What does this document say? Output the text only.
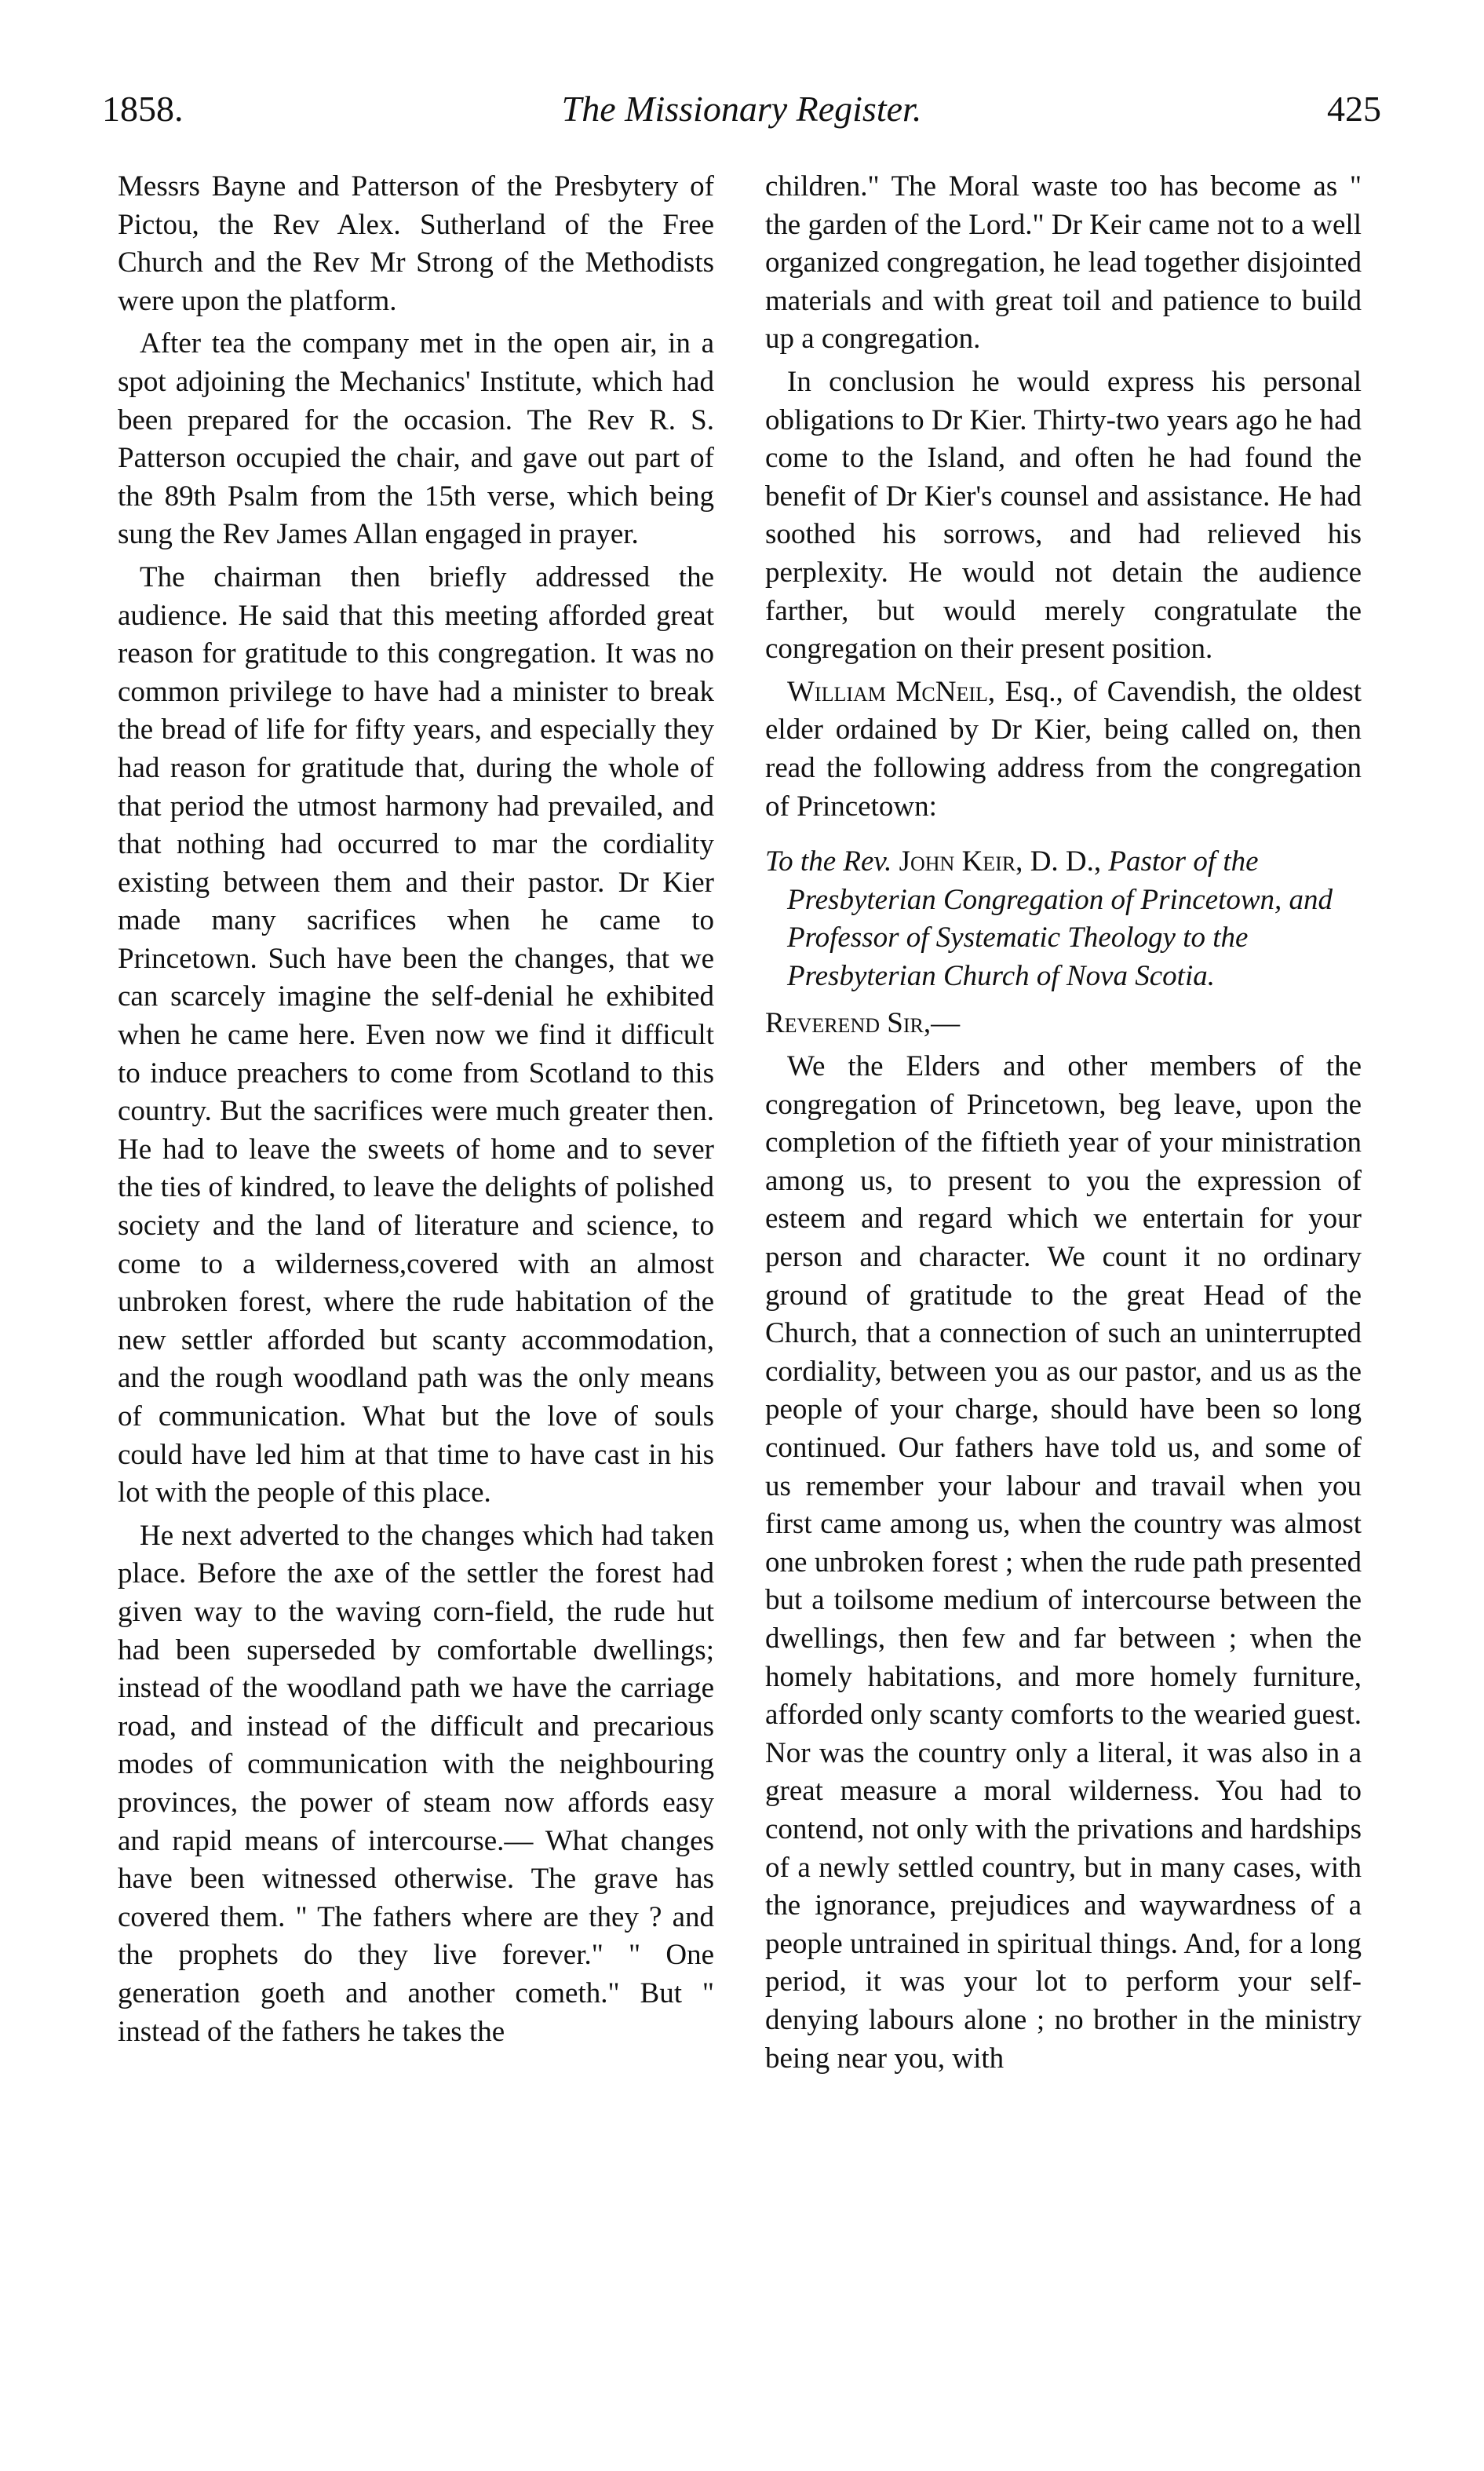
1858.	The Missionary Register.	425

Messrs Bayne and Patterson of the Presbytery of Pictou, the Rev Alex. Sutherland of the Free Church and the Rev Mr Strong of the Methodists were upon the platform.

After tea the company met in the open air, in a spot adjoining the Mechanics' Institute, which had been prepared for the occasion. The Rev R. S. Patterson occupied the chair, and gave out part of the 89th Psalm from the 15th verse, which being sung the Rev James Allan engaged in prayer.

The chairman then briefly addressed the audience. He said that this meeting afforded great reason for gratitude to this congregation. It was no common privilege to have had a minister to break the bread of life for fifty years, and especially they had reason for gratitude that, during the whole of that period the utmost harmony had prevailed, and that nothing had occurred to mar the cordiality existing between them and their pastor. Dr Kier made many sacrifices when he came to Princetown. Such have been the changes, that we can scarcely imagine the self-denial he exhibited when he came here. Even now we find it difficult to induce preachers to come from Scotland to this country. But the sacrifices were much greater then. He had to leave the sweets of home and to sever the ties of kindred, to leave the delights of polished society and the land of literature and science, to come to a wilderness,covered with an almost unbroken forest, where the rude habitation of the new settler afforded but scanty accommodation, and the rough woodland path was the only means of communication. What but the love of souls could have led him at that time to have cast in his lot with the people of this place.

He next adverted to the changes which had taken place. Before the axe of the settler the forest had given way to the waving corn-field, the rude hut had been superseded by comfortable dwellings; instead of the woodland path we have the carriage road, and instead of the difficult and precarious modes of communication with the neighbouring provinces, the power of steam now affords easy and rapid means of intercourse.— What changes have been witnessed otherwise. The grave has covered them. " The fathers where are they ? and the prophets do they live forever." " One generation goeth and another cometh." But " instead of the fathers he takes the

children." The Moral waste too has become as " the garden of the Lord." Dr Keir came not to a well organized congregation, he lead together disjointed materials and with great toil and patience to build up a congregation.

In conclusion he would express his personal obligations to Dr Kier. Thirty-two years ago he had come to the Island, and often he had found the benefit of Dr Kier's counsel and assistance. He had soothed his sorrows, and had relieved his perplexity. He would not detain the audience farther, but would merely congratulate the congregation on their present position.

William McNeil, Esq., of Cavendish, the oldest elder ordained by Dr Kier, being called on, then read the following address from the congregation of Princetown:

To the Rev. John Keir, D. D., Pastor of the Presbyterian Congregation of Princetown, and Professor of Systematic Theology to the Presbyterian Church of Nova Scotia.

Reverend Sir,—

We the Elders and other members of the congregation of Princetown, beg leave, upon the completion of the fiftieth year of your ministration among us, to present to you the expression of esteem and regard which we entertain for your person and character. We count it no ordinary ground of gratitude to the great Head of the Church, that a connection of such an uninterrupted cordiality, between you as our pastor, and us as the people of your charge, should have been so long continued. Our fathers have told us, and some of us remember your labour and travail when you first came among us, when the country was almost one unbroken forest ; when the rude path presented but a toilsome medium of intercourse between the dwellings, then few and far between ; when the homely habitations, and more homely furniture, afforded only scanty comforts to the wearied guest. Nor was the country only a literal, it was also in a great measure a moral wilderness. You had to contend, not only with the privations and hardships of a newly settled country, but in many cases, with the ignorance, prejudices and waywardness of a people untrained in spiritual things. And, for a long period, it was your lot to perform your self-denying labours alone ; no brother in the ministry being near you, with
